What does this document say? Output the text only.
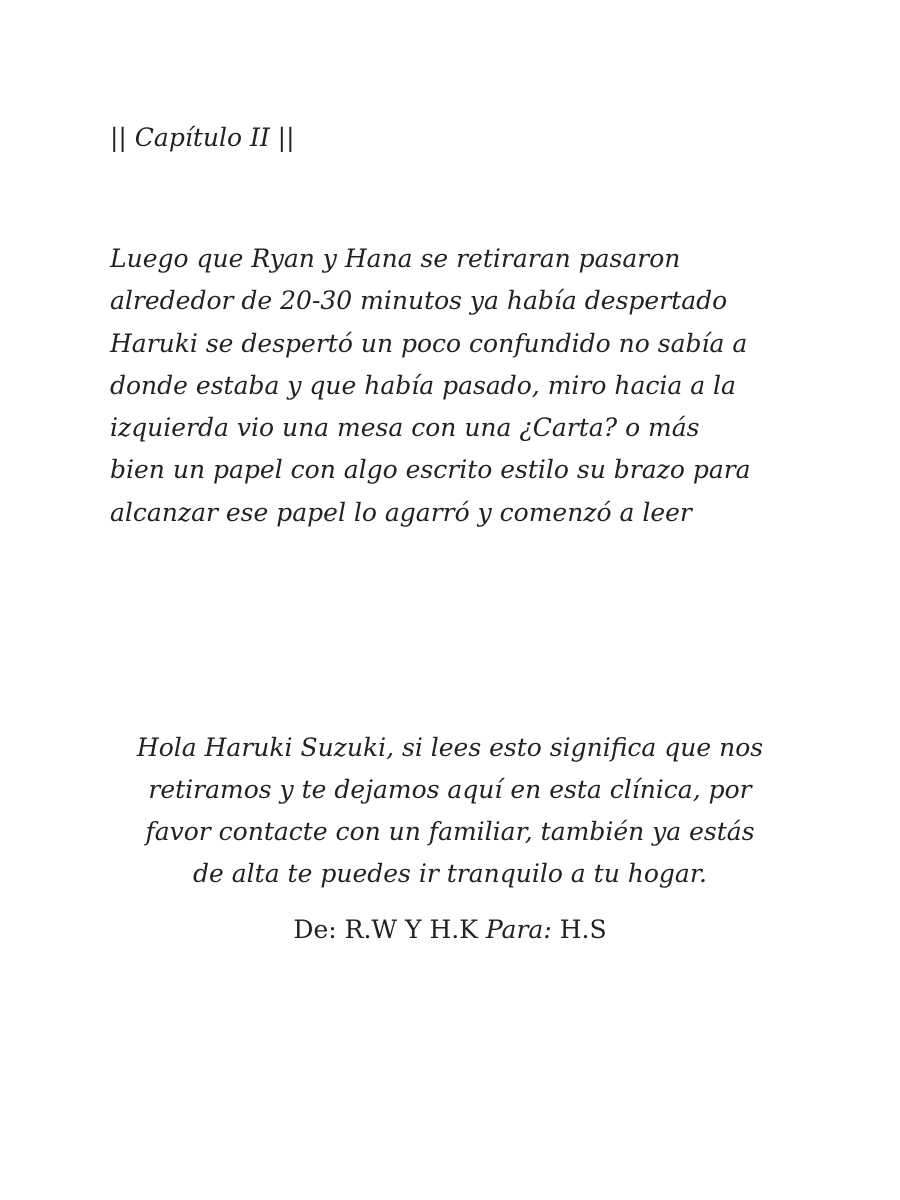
|| Capítulo II ||
Luego que Ryan y Hana se retiraran pasaron
alrededor de 20-30 minutos ya había despertado
Haruki se despertó un poco confundido no sabía a
donde estaba y que había pasado, miro hacia a la
izquierda vio una mesa con una ¿Carta? o más
bien un papel con algo escrito estilo su brazo para
alcanzar ese papel lo agarró y comenzó a leer
Hola Haruki Suzuki, si lees esto significa que nos
retiramos y te dejamos aquí en esta clínica, por
favor contacte con un familiar, también ya estás
de alta te puedes ir tranquilo a tu hogar.

De: R.W Y H.K Para: H.S
